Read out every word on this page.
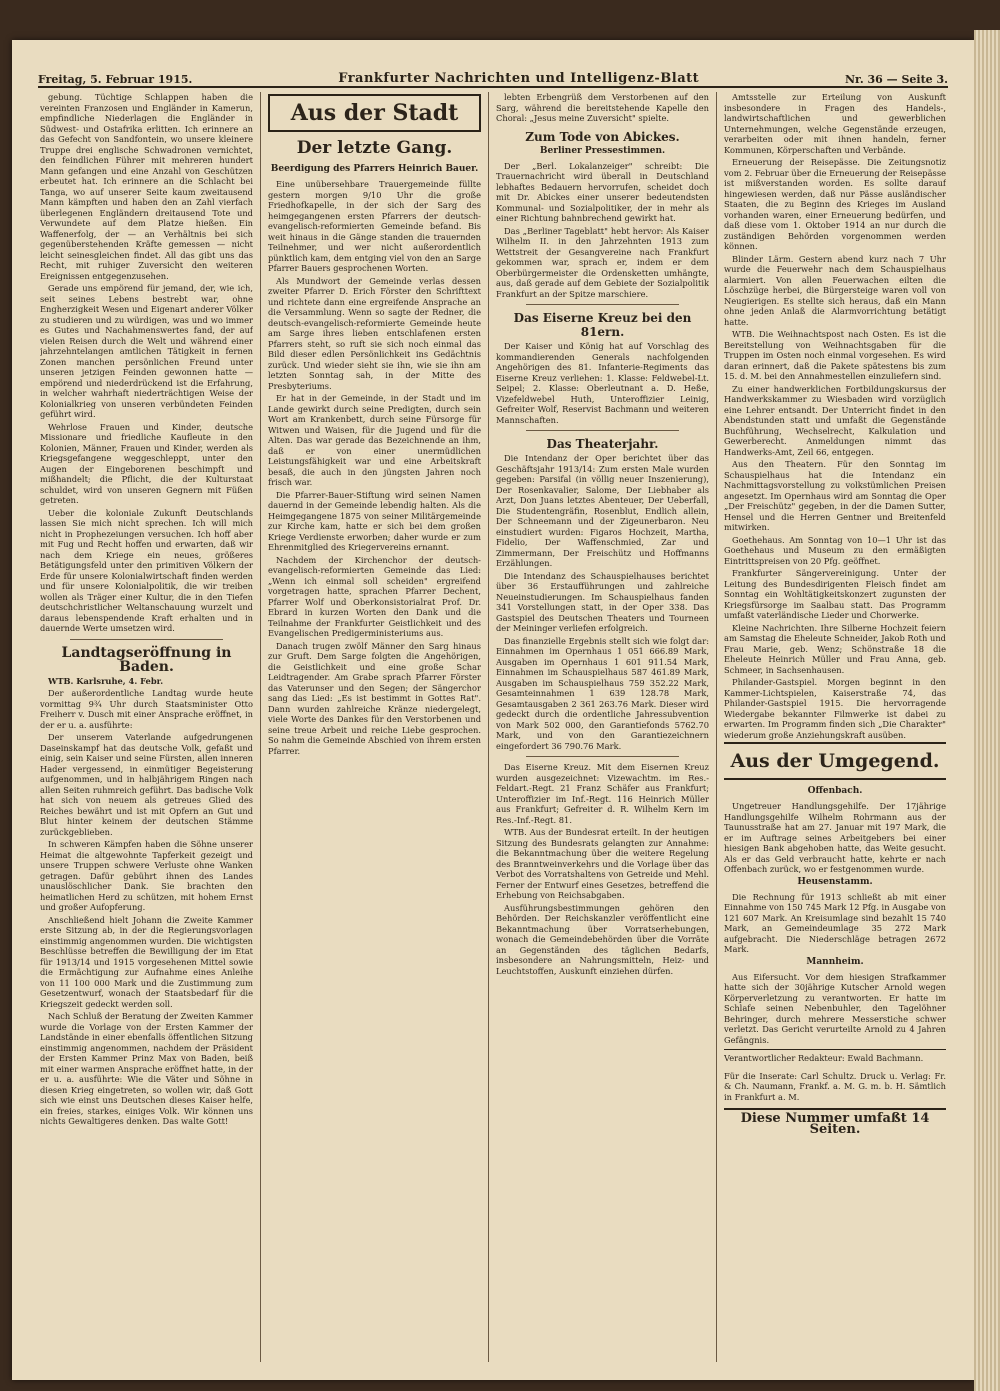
Freitag, 5. Februar 1915.	Frankfurter Nachrichten und Intelligenz-Blatt	Nr. 36 — Seite 3.

gebung. Tüchtige Schlappen haben die vereinten Franzosen und Engländer in Kamerun, empfindliche Niederlagen die Engländer in Südwest- und Ostafrika erlitten. Ich erinnere an das Gefecht von Sandfontein, wo unsere kleinere Truppe drei englische Schwadronen vernichtet, den feindlichen Führer mit mehreren hundert Mann gefangen und eine Anzahl von Geschützen erbeutet hat. Ich erinnere an die Schlacht bei Tanga, wo auf unserer Seite kaum zweitausend Mann kämpften und haben den an Zahl vierfach überlegenen Engländern dreitausend Tote und Verwundete auf dem Platze hießen. Ein Waffenerfolg, der — an Verhältnis bei sich gegenüberstehenden Kräfte gemessen — nicht leicht seinesgleichen findet. All das gibt uns das Recht, mit ruhiger Zuversicht den weiteren Ereignissen entgegenzusehen.

Gerade uns empörend für jemand, der, wie ich, seit seines Lebens bestrebt war, ohne Engherzigkeit Wesen und Eigenart anderer Völker zu studieren und zu würdigen, was und wo immer es Gutes und Nachahmenswertes fand, der auf vielen Reisen durch die Welt und während einer jahrzehntelangen amtlichen Tätigkeit in fernen Zonen manchen persönlichen Freund unter unseren jetzigen Feinden gewonnen hatte — empörend und niederdrückend ist die Erfahrung, in welcher wahrhaft niederträchtigen Weise der Kolonialkrieg von unseren verbündeten Feinden geführt wird.

Wehrlose Frauen und Kinder, deutsche Missionare und friedliche Kaufleute in den Kolonien, Männer, Frauen und Kinder, werden als Kriegsgefangene weggeschleppt, unter den Augen der Eingeborenen beschimpft und mißhandelt; die Pflicht, die der Kulturstaat schuldet, wird von unseren Gegnern mit Füßen getreten.

Ueber die koloniale Zukunft Deutschlands lassen Sie mich nicht sprechen. Ich will mich nicht in Prophezeiungen versuchen. Ich hoff aber mit Fug und Recht hoffen und erwarten, daß wir nach dem Kriege ein neues, größeres Betätigungsfeld unter den primitiven Völkern der Erde für unsere Kolonialwirtschaft finden werden und für unsere Kolonialpolitik, die wir treiben wollen als Träger einer Kultur, die in den Tiefen deutschchristlicher Weltanschauung wurzelt und daraus lebenspendende Kraft erhalten und in dauernde Werte umsetzen wird.

Landtagseröffnung in Baden.

WTB. Karlsruhe, 4. Febr.

Der außerordentliche Landtag wurde heute vormittag 9¾ Uhr durch Staatsminister Otto Freiherr v. Dusch mit einer Ansprache eröffnet, in der er u. a. ausführte:

Der unserem Vaterlande aufgedrungenen Daseinskampf hat das deutsche Volk, gefaßt und einig, sein Kaiser und seine Fürsten, allen inneren Hader vergessend, in einmütiger Begeisterung aufgenommen, und in halbjährigem Ringen nach allen Seiten ruhmreich geführt. Das badische Volk hat sich von neuem als getreues Glied des Reiches bewährt und ist mit Opfern an Gut und Blut hinter keinem der deutschen Stämme zurückgeblieben.

In schweren Kämpfen haben die Söhne unserer Heimat die altgewohnte Tapferkeit gezeigt und unsere Truppen schwere Verluste ohne Wanken getragen. Dafür gebührt ihnen des Landes unauslöschlicher Dank. Sie brachten den heimatlichen Herd zu schützen, mit hohem Ernst und großer Aufopferung.

Anschließend hielt Johann die Zweite Kammer erste Sitzung ab, in der die Regierungsvorlagen einstimmig angenommen wurden. Die wichtigsten Beschlüsse betreffen die Bewilligung der im Etat für 1913/14 und 1915 vorgesehenen Mittel sowie die Ermächtigung zur Aufnahme eines Anleihe von 11 100 000 Mark und die Zustimmung zum Gesetzentwurf, wonach der Staatsbedarf für die Kriegszeit gedeckt werden soll.

Nach Schluß der Beratung der Zweiten Kammer wurde die Vorlage von der Ersten Kammer der Landstände in einer ebenfalls öffentlichen Sitzung einstimmig angenommen, nachdem der Präsident der Ersten Kammer Prinz Max von Baden, beiß mit einer warmen Ansprache eröffnet hatte, in der er u. a. ausführte: Wie die Väter und Söhne in diesen Krieg eingetreten, so wollen wir, daß Gott sich wie einst uns Deutschen dieses Kaiser helfe, ein freies, starkes, einiges Volk. Wir können uns nichts Gewaltigeres denken. Das walte Gott!

Aus der Stadt
Der letzte Gang.
Beerdigung des Pfarrers Heinrich Bauer.

Eine unübersehbare Trauergemeinde füllte gestern morgen 9/10 Uhr die große Friedhofkapelle, in der sich der Sarg des heimgegangenen ersten Pfarrers der deutsch-evangelisch-reformierten Gemeinde befand. Bis weit hinaus in die Gänge standen die trauernden Teilnehmer, und wer nicht außerordentlich pünktlich kam, dem entging viel von den an Sarge Pfarrer Bauers gesprochenen Worten.

Als Mundwort der Gemeinde verlas dessen zweiter Pfarrer D. Erich Förster den Schrifttext und richtete dann eine ergreifende Ansprache an die Versammlung. Wenn so sagte der Redner, die deutsch-evangelisch-reformierte Gemeinde heute am Sarge ihres lieben entschlafenen ersten Pfarrers steht, so ruft sie sich noch einmal das Bild dieser edlen Persönlichkeit ins Gedächtnis zurück. Und wieder sieht sie ihn, wie sie ihn am letzten Sonntag sah, in der Mitte des Presbyteriums.

Er hat in der Gemeinde, in der Stadt und im Lande gewirkt durch seine Predigten, durch sein Wort am Krankenbett, durch seine Fürsorge für Witwen und Waisen, für die Jugend und für die Alten. Das war gerade das Bezeichnende an ihm, daß er von einer unermüdlichen Leistungsfähigkeit war und eine Arbeitskraft besaß, die auch in den jüngsten Jahren noch frisch war.

Die Pfarrer-Bauer-Stiftung wird seinen Namen dauernd in der Gemeinde lebendig halten. Als die Heimgegangene 1875 von seiner Militärgemeinde zur Kirche kam, hatte er sich bei dem großen Kriege Verdienste erworben; daher wurde er zum Ehrenmitglied des Kriegervereins ernannt.

Nachdem der Kirchenchor der deutsch-evangelisch-reformierten Gemeinde das Lied: „Wenn ich einmal soll scheiden" ergreifend vorgetragen hatte, sprachen Pfarrer Dechent, Pfarrer Wolf und Oberkonsistorialrat Prof. Dr. Ebrard in kurzen Worten den Dank und die Teilnahme der Frankfurter Geistlichkeit und des Evangelischen Predigerministeriums aus.

Danach trugen zwölf Männer den Sarg hinaus zur Gruft. Dem Sarge folgten die Angehörigen, die Geistlichkeit und eine große Schar Leidtragender. Am Grabe sprach Pfarrer Förster das Vaterunser und den Segen; der Sängerchor sang das Lied: „Es ist bestimmt in Gottes Rat". Dann wurden zahlreiche Kränze niedergelegt, viele Worte des Dankes für den Verstorbenen und seine treue Arbeit und reiche Liebe gesprochen. So nahm die Gemeinde Abschied von ihrem ersten Pfarrer.

lebten Erbengrüß dem Verstorbenen auf den Sarg, während die bereitstehende Kapelle den Choral: „Jesus meine Zuversicht" spielte.

Zum Tode von Abickes.
Berliner Pressestimmen.

Der „Berl. Lokalanzeiger" schreibt: Die Trauernachricht wird überall in Deutschland lebhaftes Bedauern hervorrufen, scheidet doch mit Dr. Abickes einer unserer bedeutendsten Kommunal- und Sozialpolitiker, der in mehr als einer Richtung bahnbrechend gewirkt hat.

Das „Berliner Tageblatt" hebt hervor: Als Kaiser Wilhelm II. in den Jahrzehnten 1913 zum Wettstreit der Gesangvereine nach Frankfurt gekommen war, sprach er, indem er dem Oberbürgermeister die Ordensketten umhängte, aus, daß gerade auf dem Gebiete der Sozialpolitik Frankfurt an der Spitze marschiere.

Das Eiserne Kreuz bei den 81ern.

Der Kaiser und König hat auf Vorschlag des kommandierenden Generals nachfolgenden Angehörigen des 81. Infanterie-Regiments das Eiserne Kreuz verliehen: 1. Klasse: Feldwebel-Lt. Seipel; 2. Klasse: Oberleutnant a. D. Heße, Vizefeldwebel Huth, Unteroffizier Leinig, Gefreiter Wolf, Reservist Bachmann und weiteren Mannschaften.

Das Theaterjahr.

Die Intendanz der Oper berichtet über das Geschäftsjahr 1913/14: Zum ersten Male wurden gegeben: Parsifal (in völlig neuer Inszenierung), Der Rosenkavalier, Salome, Der Liebhaber als Arzt, Don Juans letztes Abenteuer, Der Ueberfall, Die Studentengräfin, Rosenblut, Endlich allein, Der Schneemann und der Zigeunerbaron. Neu einstudiert wurden: Figaros Hochzeit, Martha, Fidelio, Der Waffenschmied, Zar und Zimmermann, Der Freischütz und Hoffmanns Erzählungen.

Die Intendanz des Schauspielhauses berichtet über 36 Erstaufführungen und zahlreiche Neueinstudierungen. Im Schauspielhaus fanden 341 Vorstellungen statt, in der Oper 338. Das Gastspiel des Deutschen Theaters und Tourneen der Meininger verliefen erfolgreich.

Das finanzielle Ergebnis stellt sich wie folgt dar: Einnahmen im Opernhaus 1 051 666.89 Mark, Ausgaben im Opernhaus 1 601 911.54 Mark, Einnahmen im Schauspielhaus 587 461.89 Mark, Ausgaben im Schauspielhaus 759 352.22 Mark, Gesamteinnahmen 1 639 128.78 Mark, Gesamtausgaben 2 361 263.76 Mark. Dieser wird gedeckt durch die ordentliche Jahressubvention von Mark 502 000, den Garantiefonds 5762.70 Mark, und von den Garantiezeichnern eingefordert 36 790.76 Mark.

Das Eiserne Kreuz. Mit dem Eisernen Kreuz wurden ausgezeichnet: Vizewachtm. im Res.-Feldart.-Regt. 21 Franz Schäfer aus Frankfurt; Unteroffizier im Inf.-Regt. 116 Heinrich Müller aus Frankfurt; Gefreiter d. R. Wilhelm Kern im Res.-Inf.-Regt. 81.

WTB. Aus der Bundesrat erteilt. In der heutigen Sitzung des Bundesrats gelangten zur Annahme: die Bekanntmachung über die weitere Regelung des Branntweinverkehrs und die Vorlage über das Verbot des Vorratshaltens von Getreide und Mehl. Ferner der Entwurf eines Gesetzes, betreffend die Erhebung von Reichsabgaben.

Ausführungsbestimmungen gehören den Behörden. Der Reichskanzler veröffentlicht eine Bekanntmachung über Vorratserhebungen, wonach die Gemeindebehörden über die Vorräte an Gegenständen des täglichen Bedarfs, insbesondere an Nahrungsmitteln, Heiz- und Leuchtstoffen, Auskunft einziehen dürfen.

Amtsstelle zur Erteilung von Auskunft insbesondere in Fragen des Handels-, landwirtschaftlichen und gewerblichen Unternehmungen, welche Gegenstände erzeugen, verarbeiten oder mit ihnen handeln, ferner Kommunen, Körperschaften und Verbände.

Erneuerung der Reisepässe. Die Zeitungsnotiz vom 2. Februar über die Erneuerung der Reisepässe ist mißverstanden worden. Es sollte darauf hingewiesen werden, daß nur Pässe ausländischer Staaten, die zu Beginn des Krieges im Ausland vorhanden waren, einer Erneuerung bedürfen, und daß diese vom 1. Oktober 1914 an nur durch die zuständigen Behörden vorgenommen werden können.

Blinder Lärm. Gestern abend kurz nach 7 Uhr wurde die Feuerwehr nach dem Schauspielhaus alarmiert. Von allen Feuerwachen eilten die Löschzüge herbei, die Bürgersteige waren voll von Neugierigen. Es stellte sich heraus, daß ein Mann ohne jeden Anlaß die Alarmvorrichtung betätigt hatte.

WTB. Die Weihnachtspost nach Osten. Es ist die Bereitstellung von Weihnachtsgaben für die Truppen im Osten noch einmal vorgesehen. Es wird daran erinnert, daß die Pakete spätestens bis zum 15. d. M. bei den Annahmestellen einzuliefern sind.

Zu einer handwerklichen Fortbildungskursus der Handwerkskammer zu Wiesbaden wird vorzüglich eine Lehrer entsandt. Der Unterricht findet in den Abendstunden statt und umfaßt die Gegenstände Buchführung, Wechselrecht, Kalkulation und Gewerberecht. Anmeldungen nimmt das Handwerks-Amt, Zeil 66, entgegen.

Aus den Theatern. Für den Sonntag im Schauspielhaus hat die Intendanz ein Nachmittagsvorstellung zu volkstümlichen Preisen angesetzt. Im Opernhaus wird am Sonntag die Oper „Der Freischütz" gegeben, in der die Damen Sutter, Hensel und die Herren Gentner und Breitenfeld mitwirken.

Goethehaus. Am Sonntag von 10—1 Uhr ist das Goethehaus und Museum zu den ermäßigten Eintrittspreisen von 20 Pfg. geöffnet.

Frankfurter Sängervereinigung. Unter der Leitung des Bundesdirigenten Fleisch findet am Sonntag ein Wohltätigkeitskonzert zugunsten der Kriegsfürsorge im Saalbau statt. Das Programm umfaßt vaterländische Lieder und Chorwerke.

Kleine Nachrichten. Ihre Silberne Hochzeit feiern am Samstag die Eheleute Schneider, Jakob Roth und Frau Marie, geb. Wenz; Schönstraße 18 die Eheleute Heinrich Müller und Frau Anna, geb. Schmeer, in Sachsenhausen.

Philander-Gastspiel. Morgen beginnt in den Kammer-Lichtspielen, Kaiserstraße 74, das Philander-Gastspiel 1915. Die hervorragende Wiedergabe bekannter Filmwerke ist dabei zu erwarten. Im Programm finden sich „Die Charakter" wiederum große Anziehungskraft ausüben.

Aus der Umgegend.
Offenbach.

Ungetreuer Handlungsgehilfe. Der 17jährige Handlungsgehilfe Wilhelm Rohrmann aus der Taunusstraße hat am 27. Januar mit 197 Mark, die er im Auftrage seines Arbeitgebers bei einer hiesigen Bank abgehoben hatte, das Weite gesucht. Als er das Geld verbraucht hatte, kehrte er nach Offenbach zurück, wo er festgenommen wurde.

Heusenstamm.

Die Rechnung für 1913 schließt ab mit einer Einnahme von 150 745 Mark 12 Pfg. in Ausgabe von 121 607 Mark. An Kreisumlage sind bezahlt 15 740 Mark, an Gemeindeumlage 35 272 Mark aufgebracht. Die Niederschläge betragen 2672 Mark.

Mannheim.

Aus Eifersucht. Vor dem hiesigen Strafkammer hatte sich der 30jährige Kutscher Arnold wegen Körperverletzung zu verantworten. Er hatte im Schlafe seinen Nebenbuhler, den Tagelöhner Behringer, durch mehrere Messerstiche schwer verletzt. Das Gericht verurteilte Arnold zu 4 Jahren Gefängnis.

Verantwortlicher Redakteur: Ewald Bachmann.
Für die Inserate: Carl Schultz. Druck u. Verlag: Fr. & Ch. Naumann, Frankf. a. M. G. m. b. H. Sämtlich in Frankfurt a. M.
Diese Nummer umfaßt 14 Seiten.
